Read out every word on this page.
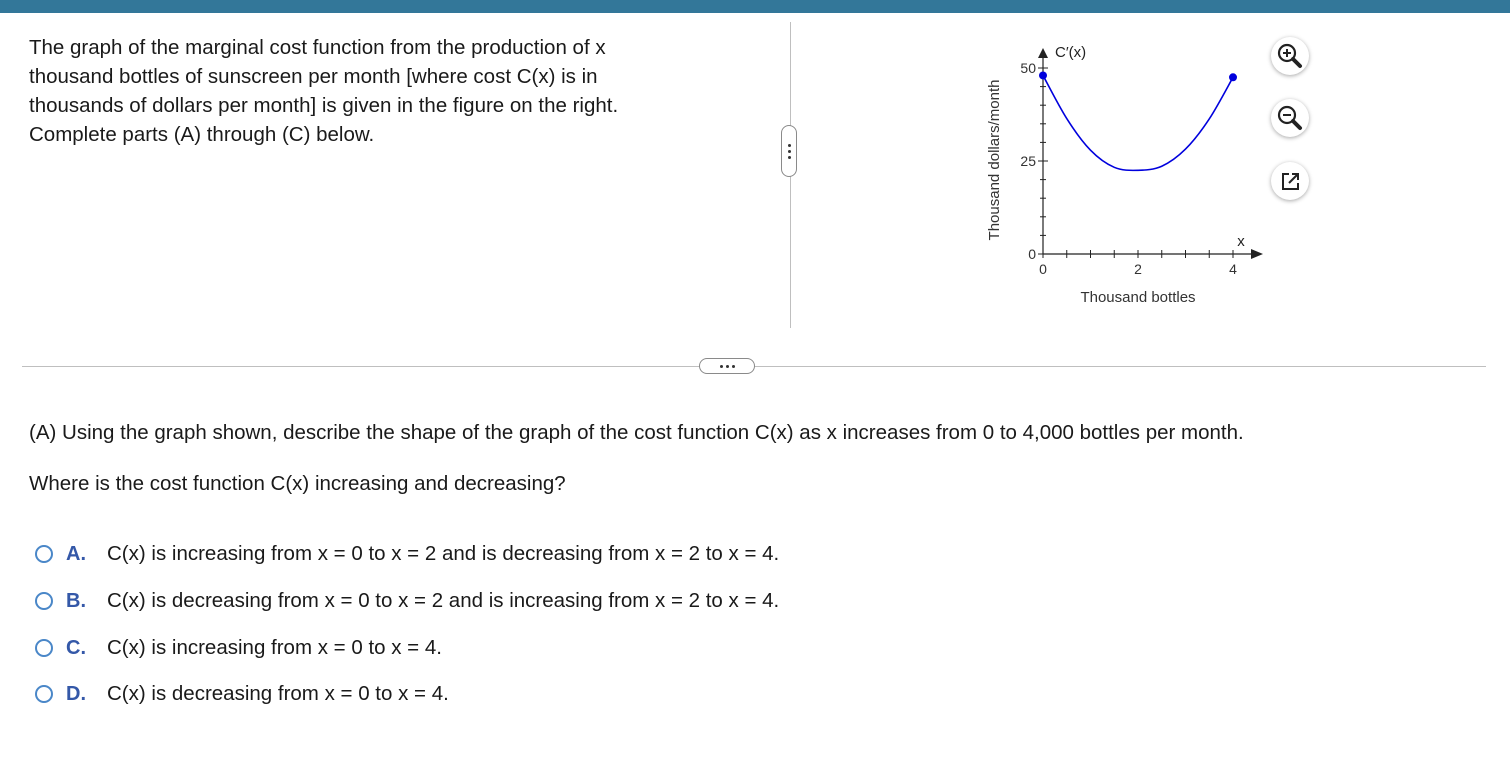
The graph of the marginal cost function from the production of x
thousand bottles of sunscreen per month [where cost C(x) is in
thousands of dollars per month] is given in the figure on the right.
Complete parts (A) through (C) below.
0
25
50
0	2	4
C′(x)
x
Thousand bottles
Thousand dollars/month
(A) Using the graph shown, describe the shape of the graph of the cost function C(x) as x increases from 0 to 4,000 bottles per month.
Where is the cost function C(x) increasing and decreasing?
A. C(x) is increasing from x = 0 to x = 2 and is decreasing from x = 2 to x = 4.
B. C(x) is decreasing from x = 0 to x = 2 and is increasing from x = 2 to x = 4.
C. C(x) is increasing from x = 0 to x = 4.
D. C(x) is decreasing from x = 0 to x = 4.
